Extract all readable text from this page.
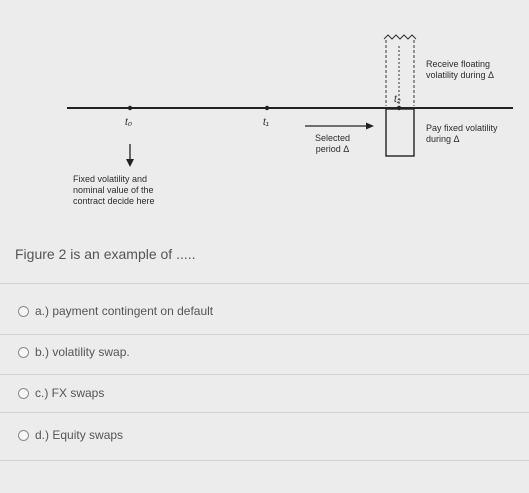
t₀	t₁
t₂
Fixed volatility and
nominal value of the
contract decide here
Selected
period Δ
Receive floating
volatility during Δ
Pay fixed volatility
during Δ
Figure 2 is an example of .....
a.) payment contingent on default
b.) volatility swap.
c.) FX swaps
d.) Equity swaps
